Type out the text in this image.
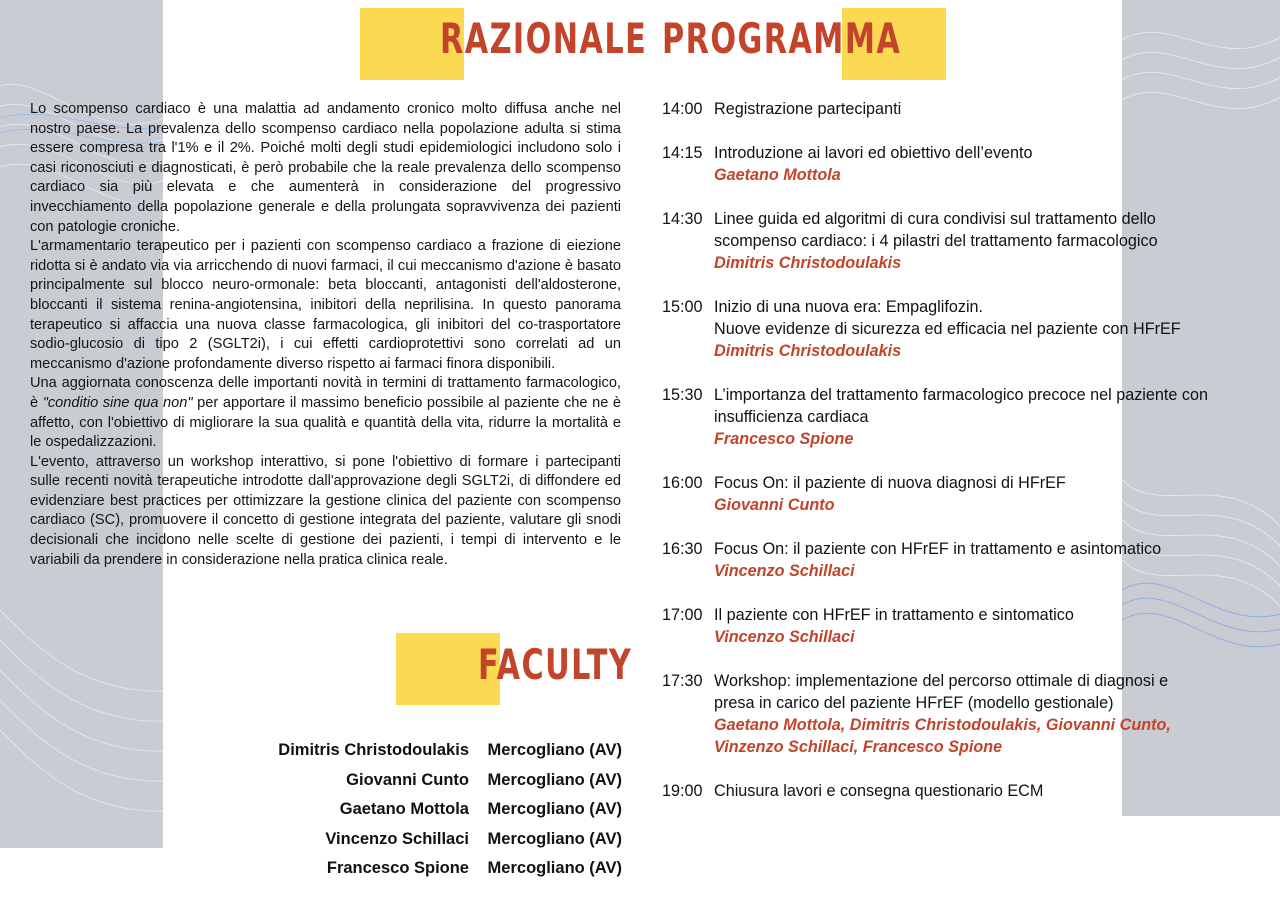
RAZIONALE PROGRAMMA
FACULTY

Lo scompenso cardiaco è una malattia ad andamento cronico molto diffusa anche nel nostro paese. La prevalenza dello scompenso cardiaco nella popolazione adulta si stima essere compresa tra l'1% e il 2%. Poiché molti degli studi epidemiologici includono solo i casi riconosciuti e diagnosticati, è però probabile che la reale prevalenza dello scompenso cardiaco sia più elevata e che aumenterà in considerazione del progressivo invecchiamento della popolazione generale e della prolungata sopravvivenza dei pazienti con patologie croniche.

L'armamentario terapeutico per i pazienti con scompenso cardiaco a frazione di eiezione ridotta si è andato via via arricchendo di nuovi farmaci, il cui meccanismo d'azione è basato principalmente sul blocco neuro-ormonale: beta bloccanti, antagonisti dell'aldosterone, bloccanti il sistema renina-angiotensina, inibitori della neprilisina. In questo panorama terapeutico si affaccia una nuova classe farmacologica, gli inibitori del co-trasportatore sodio-glucosio di tipo 2 (SGLT2i), i cui effetti cardioprotettivi sono correlati ad un meccanismo d'azione profondamente diverso rispetto ai farmaci finora disponibili.

Una aggiornata conoscenza delle importanti novità in termini di trattamento farmacologico, è "conditio sine qua non" per apportare il massimo beneficio possibile al paziente che ne è affetto, con l'obiettivo di migliorare la sua qualità e quantità della vita, ridurre la mortalità e le ospedalizzazioni.

L'evento, attraverso un workshop interattivo, si pone l'obiettivo di formare i partecipanti sulle recenti novità terapeutiche introdotte dall'approvazione degli SGLT2i, di diffondere ed evidenziare best practices per ottimizzare la gestione clinica del paziente con scompenso cardiaco (SC), promuovere il concetto di gestione integrata del paziente, valutare gli snodi decisionali che incidono nelle scelte di gestione dei pazienti, i tempi di intervento e le variabili da prendere in considerazione nella pratica clinica reale.

Dimitris Christodoulakis Mercogliano (AV)
Giovanni Cunto Mercogliano (AV)
Gaetano Mottola Mercogliano (AV)
Vincenzo Schillaci Mercogliano (AV)
Francesco Spione Mercogliano (AV)
14:00 Registrazione partecipanti
14:15 Introduzione ai lavori ed obiettivo dell’evento
Gaetano Mottola
14:30 Linee guida ed algoritmi di cura condivisi sul trattamento dello
scompenso cardiaco: i 4 pilastri del trattamento farmacologico
Dimitris Christodoulakis
15:00 Inizio di una nuova era: Empaglifozin.
Nuove evidenze di sicurezza ed efficacia nel paziente con HFrEF
Dimitris Christodoulakis
15:30 L’importanza del trattamento farmacologico precoce nel paziente con
insufficienza cardiaca
Francesco Spione
16:00 Focus On: il paziente di nuova diagnosi di HFrEF
Giovanni Cunto
16:30 Focus On: il paziente con HFrEF in trattamento e asintomatico
Vincenzo Schillaci
17:00 Il paziente con HFrEF in trattamento e sintomatico
Vincenzo Schillaci
17:30 Workshop: implementazione del percorso ottimale di diagnosi e
presa in carico del paziente HFrEF (modello gestionale)
Gaetano Mottola, Dimitris Christodoulakis, Giovanni Cunto,
Vinzenzo Schillaci, Francesco Spione
19:00 Chiusura lavori e consegna questionario ECM
